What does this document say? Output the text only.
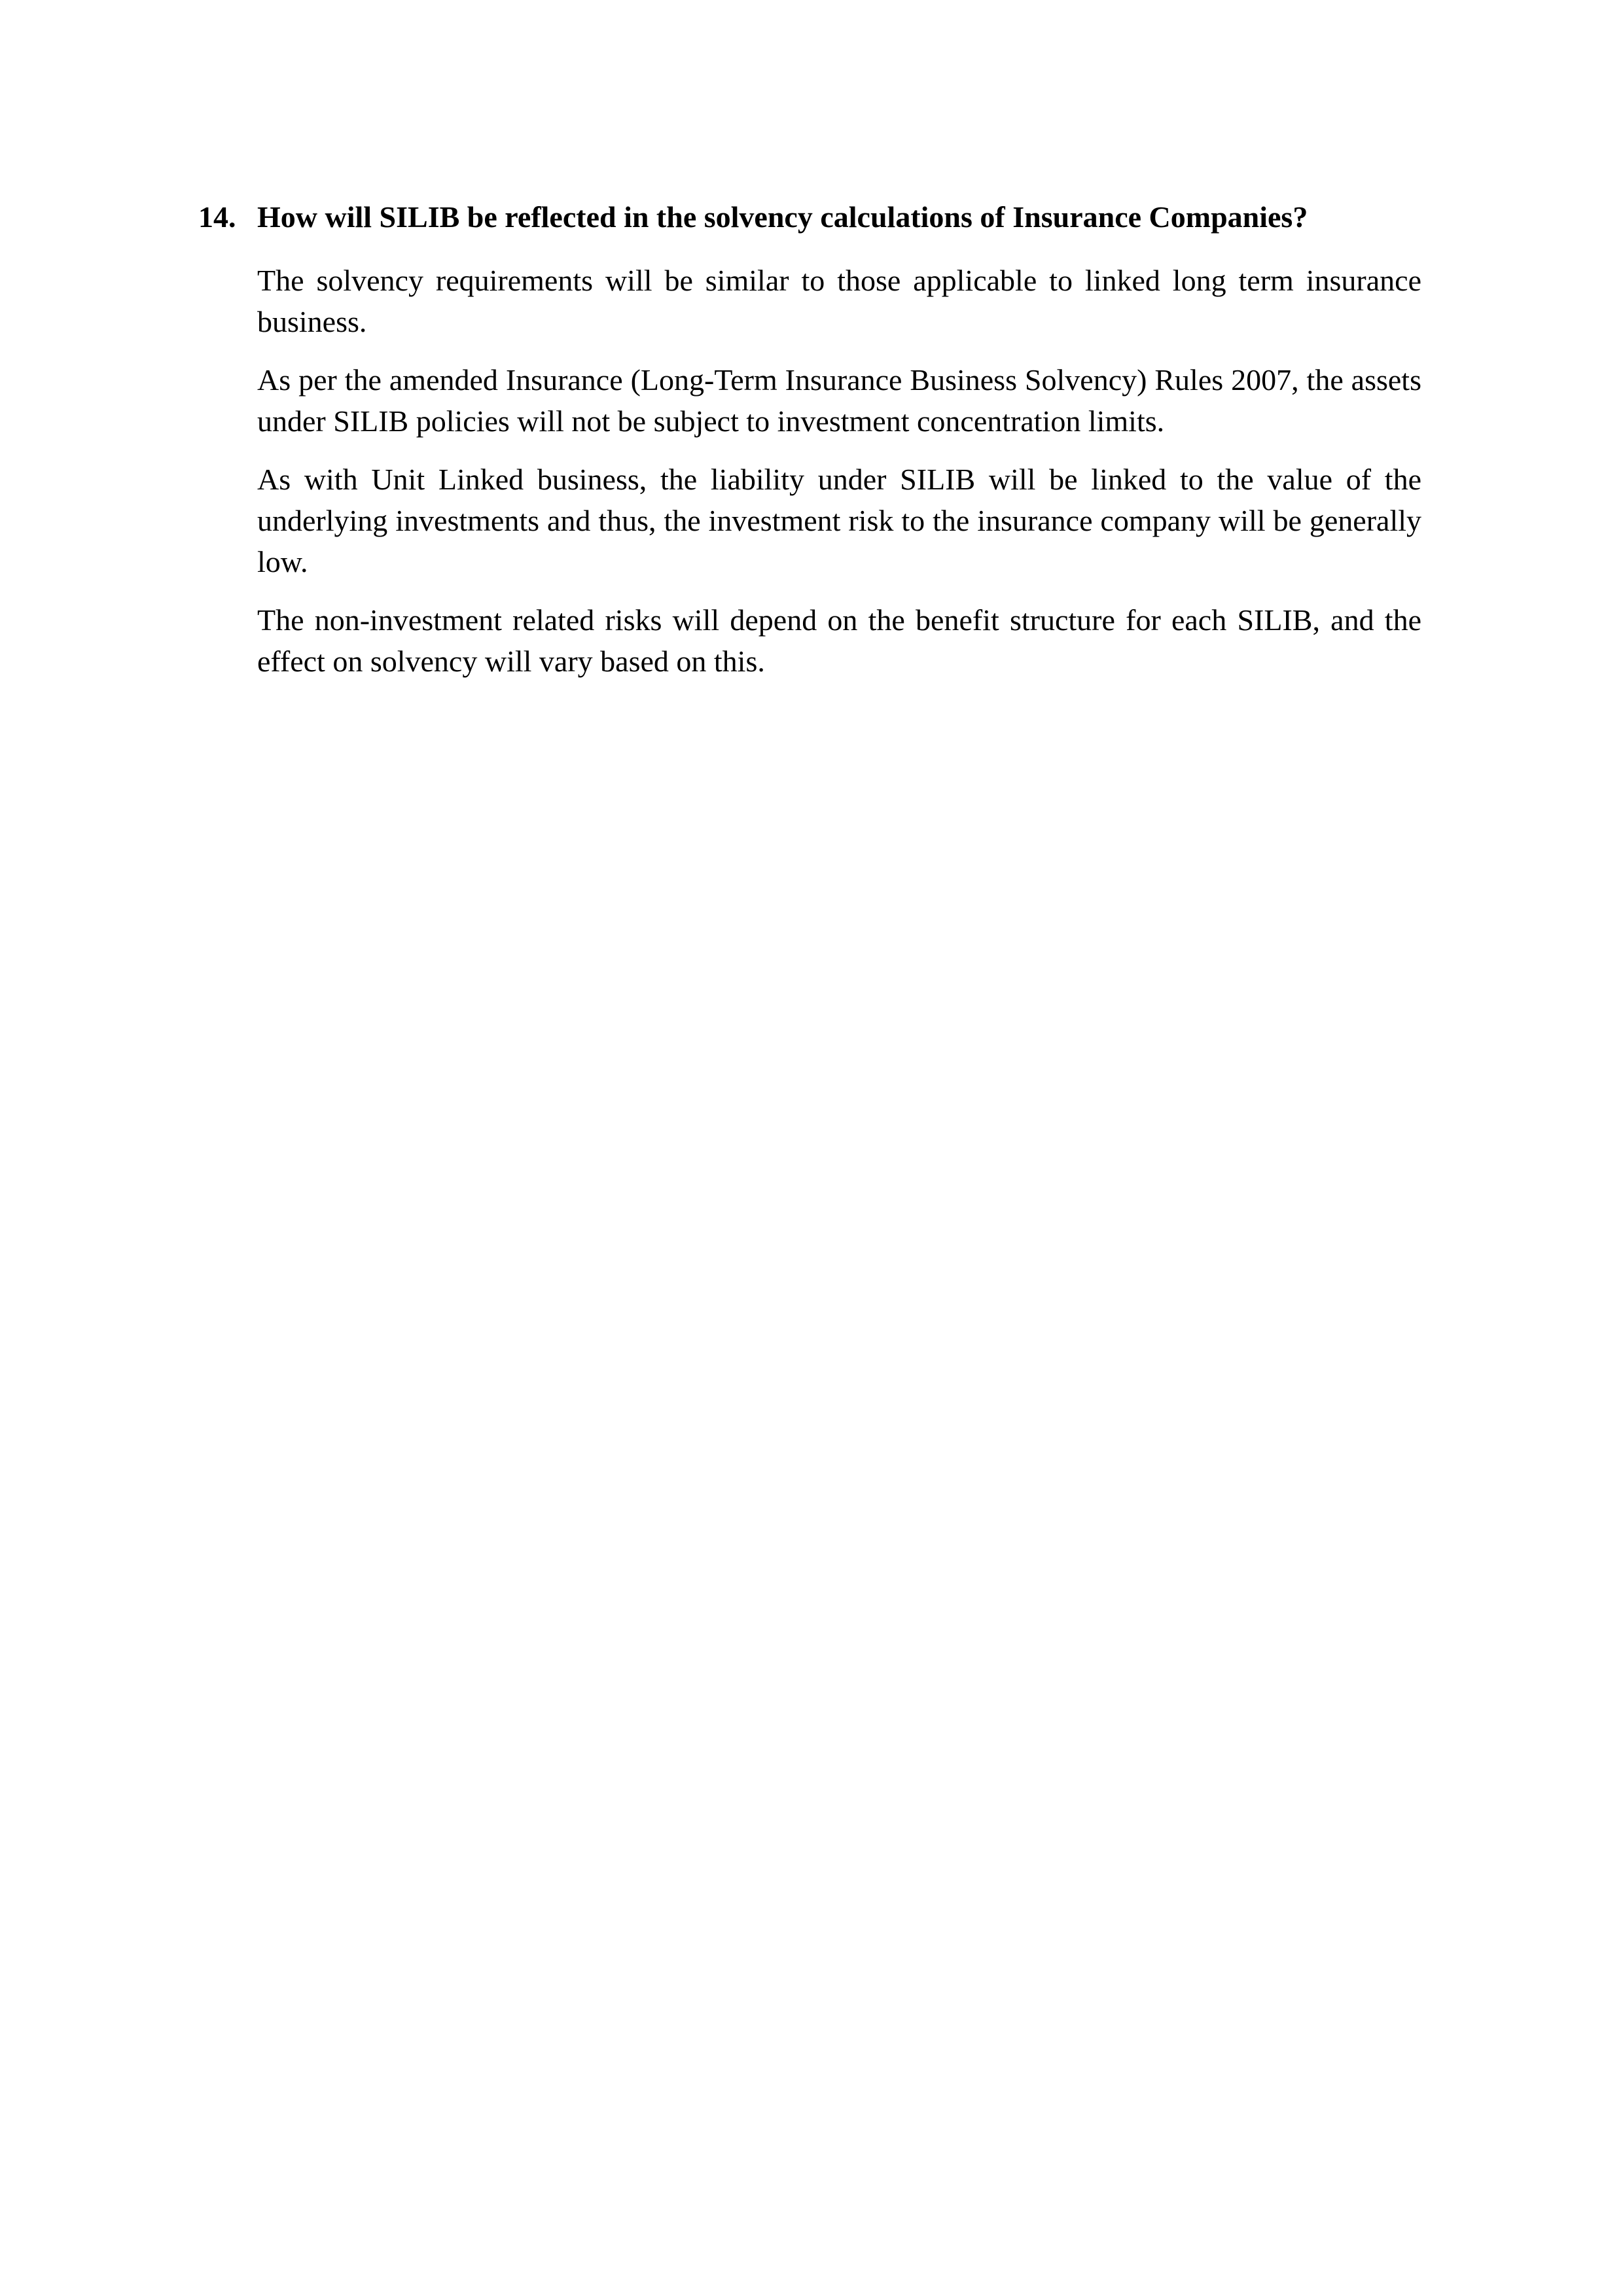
14. How will SILIB be reflected in the solvency calculations of Insurance Companies?

The solvency requirements will be similar to those applicable to linked long term insurance business.

As per the amended Insurance (Long-Term Insurance Business Solvency) Rules 2007, the assets under SILIB policies will not be subject to investment concentration limits.

As with Unit Linked business, the liability under SILIB will be linked to the value of the underlying investments and thus, the investment risk to the insurance company will be generally low.

The non-investment related risks will depend on the benefit structure for each SILIB, and the effect on solvency will vary based on this.
